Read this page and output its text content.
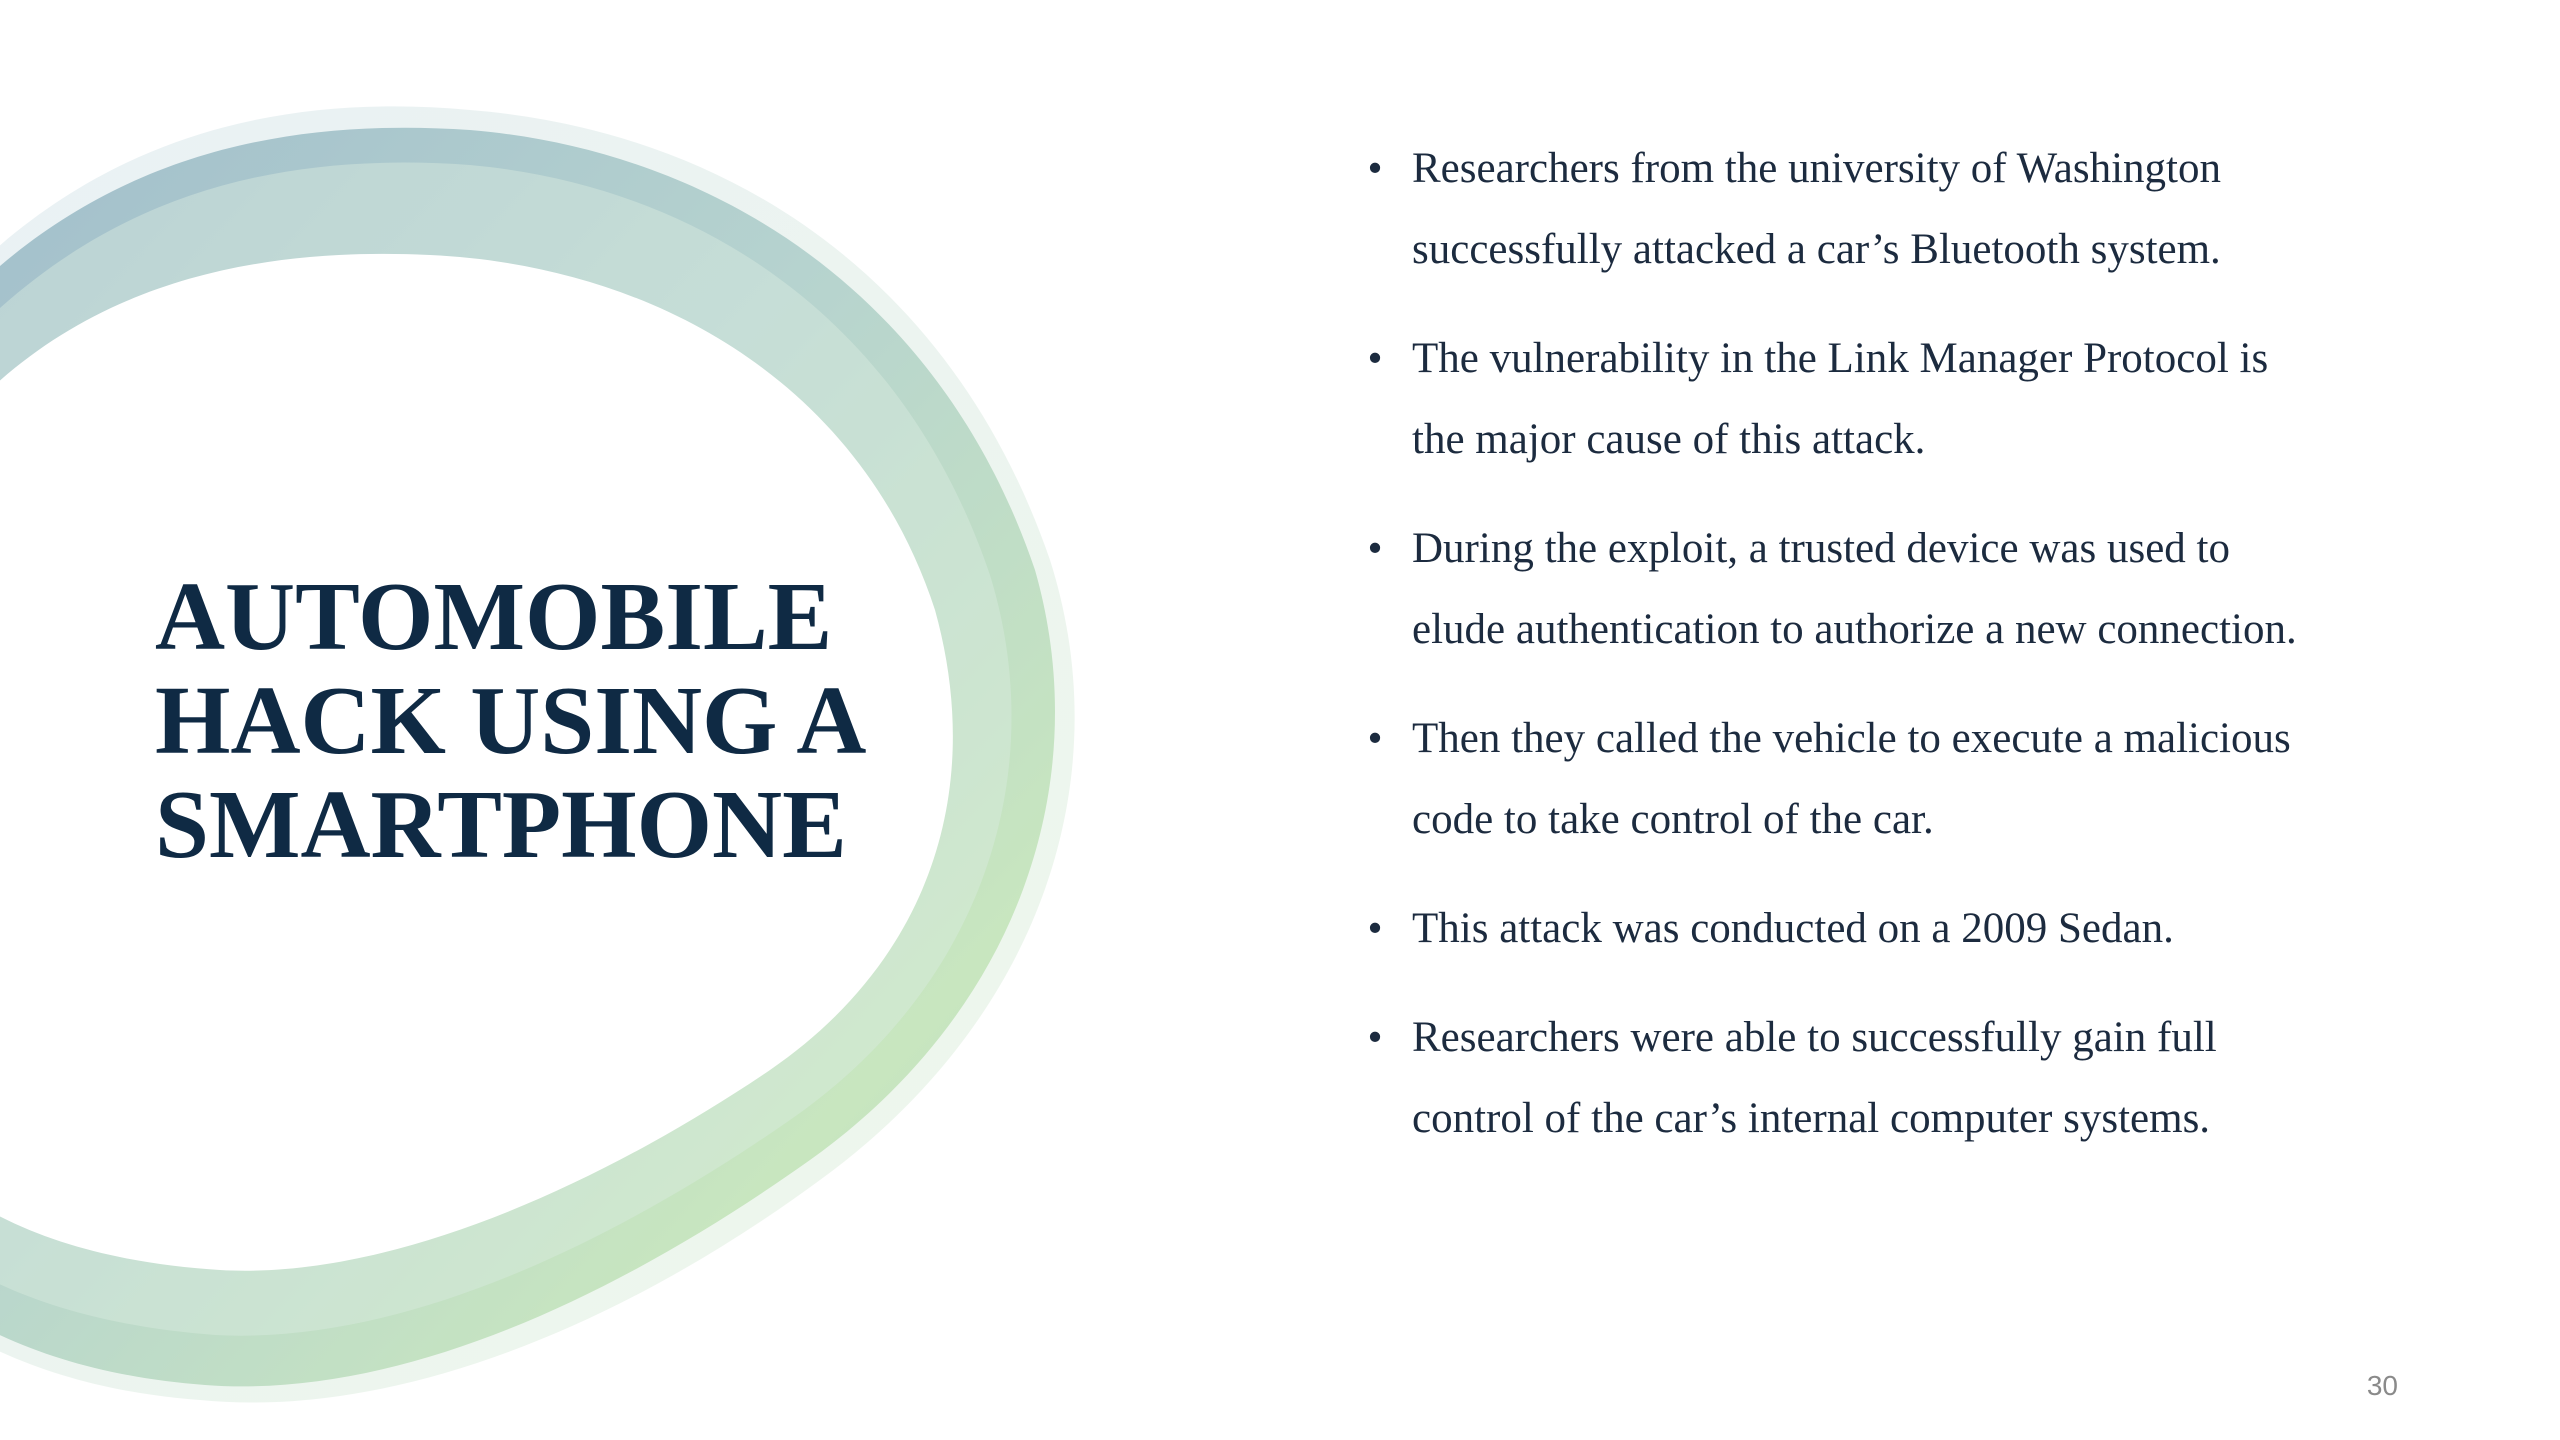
AUTOMOBILE
HACK USING A
SMARTPHONE
• Researchers from the university of Washington
successfully attacked a car’s Bluetooth system.
• The vulnerability in the Link Manager Protocol is
the major cause of this attack.
• During the exploit, a trusted device was used to
elude authentication to authorize a new connection.
• Then they called the vehicle to execute a malicious
code to take control of the car.
• This attack was conducted on a 2009 Sedan.
• Researchers were able to successfully gain full
control of the car’s internal computer systems.
30
